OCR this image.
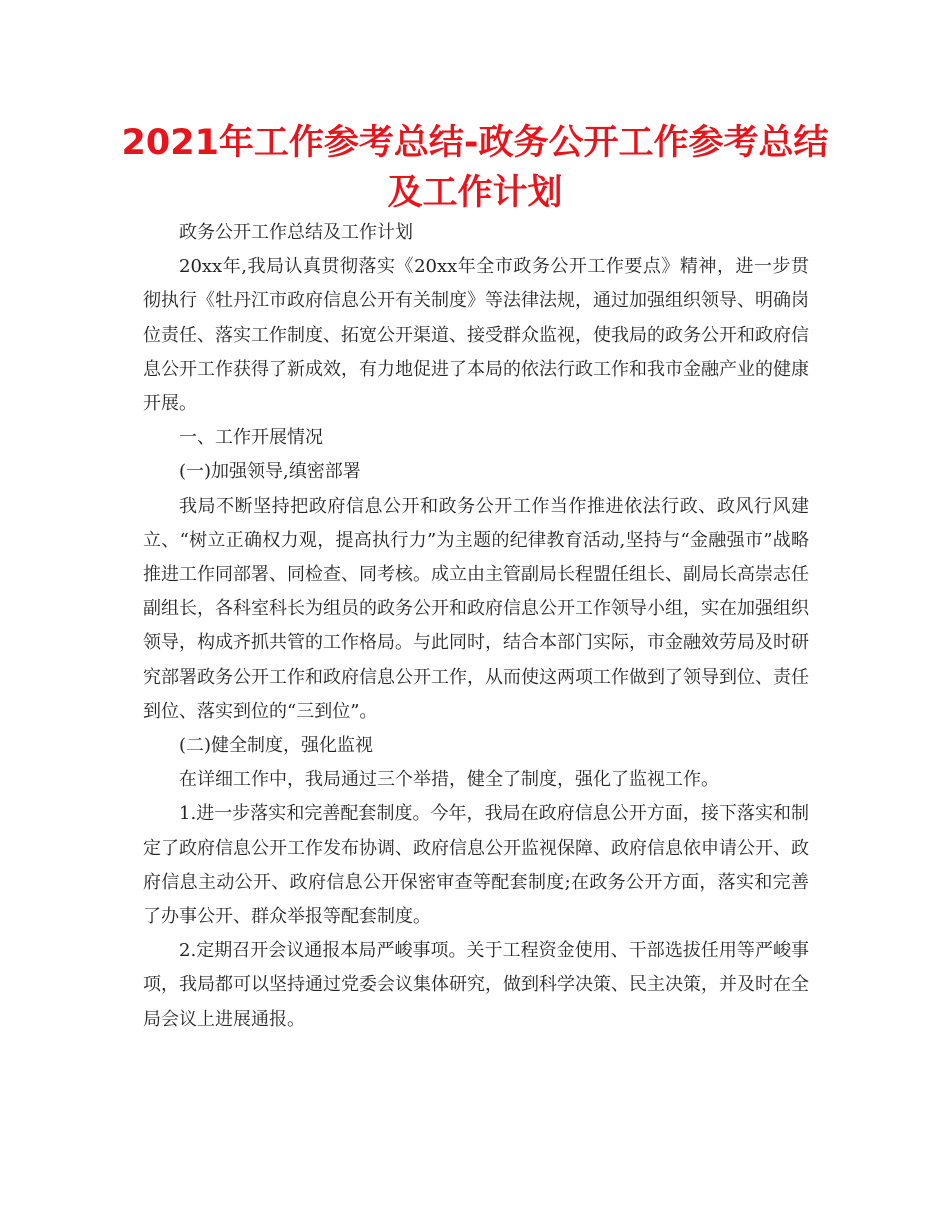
2021年工作参考总结-政务公开工作参考总结及工作计划

政务公开工作总结及工作计划

20xx年,我局认真贯彻落实《20xx年全市政务公开工作要点》精神，进一步贯彻执行《牡丹江市政府信息公开有关制度》等法律法规，通过加强组织领导、明确岗位责任、落实工作制度、拓宽公开渠道、接受群众监视，使我局的政务公开和政府信息公开工作获得了新成效，有力地促进了本局的依法行政工作和我市金融产业的健康开展。

一、工作开展情况

(一)加强领导,缜密部署

我局不断坚持把政府信息公开和政务公开工作当作推进依法行政、政风行风建立、“树立正确权力观，提高执行力”为主题的纪律教育活动,坚持与“金融强市”战略推进工作同部署、同检查、同考核。成立由主管副局长程盟任组长、副局长高崇志任副组长，各科室科长为组员的政务公开和政府信息公开工作领导小组，实在加强组织领导，构成齐抓共管的工作格局。与此同时，结合本部门实际，市金融效劳局及时研究部署政务公开工作和政府信息公开工作，从而使这两项工作做到了领导到位、责任到位、落实到位的“三到位”。

(二)健全制度，强化监视

在详细工作中，我局通过三个举措，健全了制度，强化了监视工作。

1.进一步落实和完善配套制度。今年，我局在政府信息公开方面，接下落实和制定了政府信息公开工作发布协调、政府信息公开监视保障、政府信息依申请公开、政府信息主动公开、政府信息公开保密审查等配套制度;在政务公开方面，落实和完善了办事公开、群众举报等配套制度。

2.定期召开会议通报本局严峻事项。关于工程资金使用、干部选拔任用等严峻事项，我局都可以坚持通过党委会议集体研究，做到科学决策、民主决策，并及时在全局会议上进展通报。
